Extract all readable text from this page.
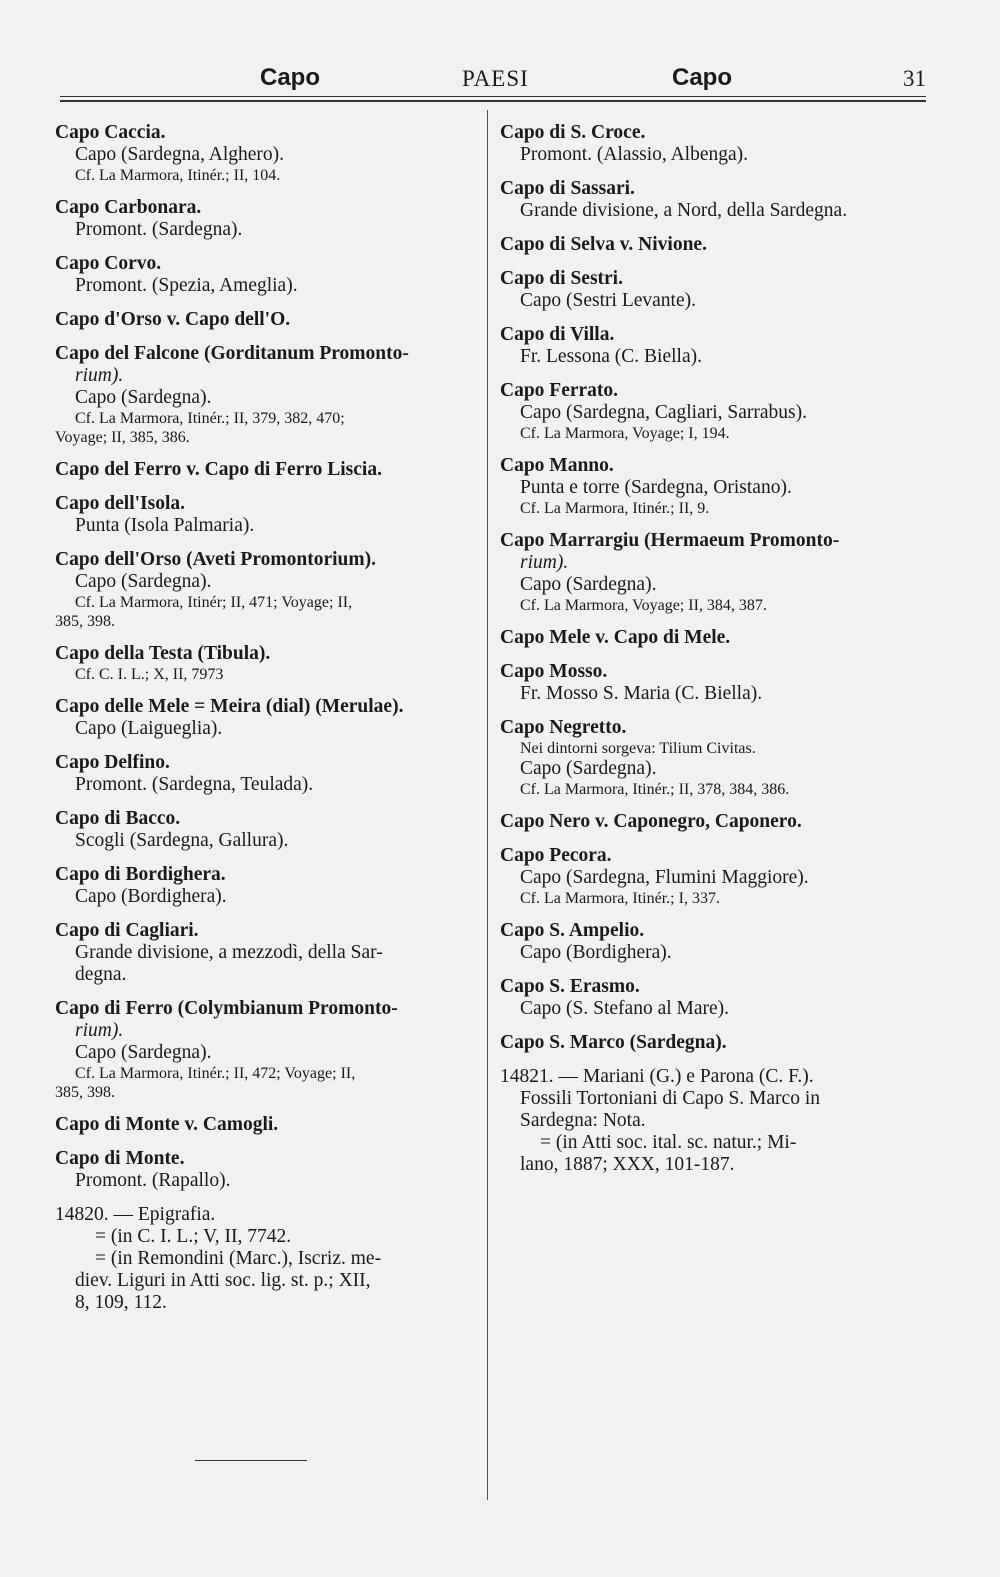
Capo	PAESI	Capo	31
Capo Caccia.
Capo (Sardegna, Alghero).
Cf. La Marmora, Itinér.; II, 104.
Capo Carbonara.
Promont. (Sardegna).
Capo Corvo.
Promont. (Spezia, Ameglia).
Capo d'Orso v. Capo dell'O.
Capo del Falcone (Gorditanum Promonto-
rium).
Capo (Sardegna).
Cf. La Marmora, Itinér.; II, 379, 382, 470;
Voyage; II, 385, 386.
Capo del Ferro v. Capo di Ferro Liscia.
Capo dell'Isola.
Punta (Isola Palmaria).
Capo dell'Orso (Aveti Promontorium).
Capo (Sardegna).
Cf. La Marmora, Itinér; II, 471; Voyage; II,
385, 398.
Capo della Testa (Tibula).
Cf. C. I. L.; X, II, 7973
Capo delle Mele = Meira (dial) (Merulae).
Capo (Laigueglia).
Capo Delfino.
Promont. (Sardegna, Teulada).
Capo di Bacco.
Scogli (Sardegna, Gallura).
Capo di Bordighera.
Capo (Bordighera).
Capo di Cagliari.
Grande divisione, a mezzodì, della Sar-
degna.
Capo di Ferro (Colymbianum Promonto-
rium).
Capo (Sardegna).
Cf. La Marmora, Itinér.; II, 472; Voyage; II,
385, 398.
Capo di Monte v. Camogli.
Capo di Monte.
Promont. (Rapallo).
14820. — Epigrafia.
= (in C. I. L.; V, II, 7742.
= (in Remondini (Marc.), Iscriz. me-
diev. Liguri in Atti soc. lig. st. p.; XII,
8, 109, 112.
Capo di S. Croce.
Promont. (Alassio, Albenga).
Capo di Sassari.
Grande divisione, a Nord, della Sardegna.
Capo di Selva v. Nivione.
Capo di Sestri.
Capo (Sestri Levante).
Capo di Villa.
Fr. Lessona (C. Biella).
Capo Ferrato.
Capo (Sardegna, Cagliari, Sarrabus).
Cf. La Marmora, Voyage; I, 194.
Capo Manno.
Punta e torre (Sardegna, Oristano).
Cf. La Marmora, Itinér.; II, 9.
Capo Marrargiu (Hermaeum Promonto-
rium).
Capo (Sardegna).
Cf. La Marmora, Voyage; II, 384, 387.
Capo Mele v. Capo di Mele.
Capo Mosso.
Fr. Mosso S. Maria (C. Biella).
Capo Negretto.
Nei dintorni sorgeva: Tilium Civitas.
Capo (Sardegna).
Cf. La Marmora, Itinér.; II, 378, 384, 386.
Capo Nero v. Caponegro, Caponero.
Capo Pecora.
Capo (Sardegna, Flumini Maggiore).
Cf. La Marmora, Itinér.; I, 337.
Capo S. Ampelio.
Capo (Bordighera).
Capo S. Erasmo.
Capo (S. Stefano al Mare).
Capo S. Marco (Sardegna).
14821. — Mariani (G.) e Parona (C. F.).
Fossili Tortoniani di Capo S. Marco in
Sardegna: Nota.
= (in Atti soc. ital. sc. natur.; Mi-
lano, 1887; XXX, 101-187.
